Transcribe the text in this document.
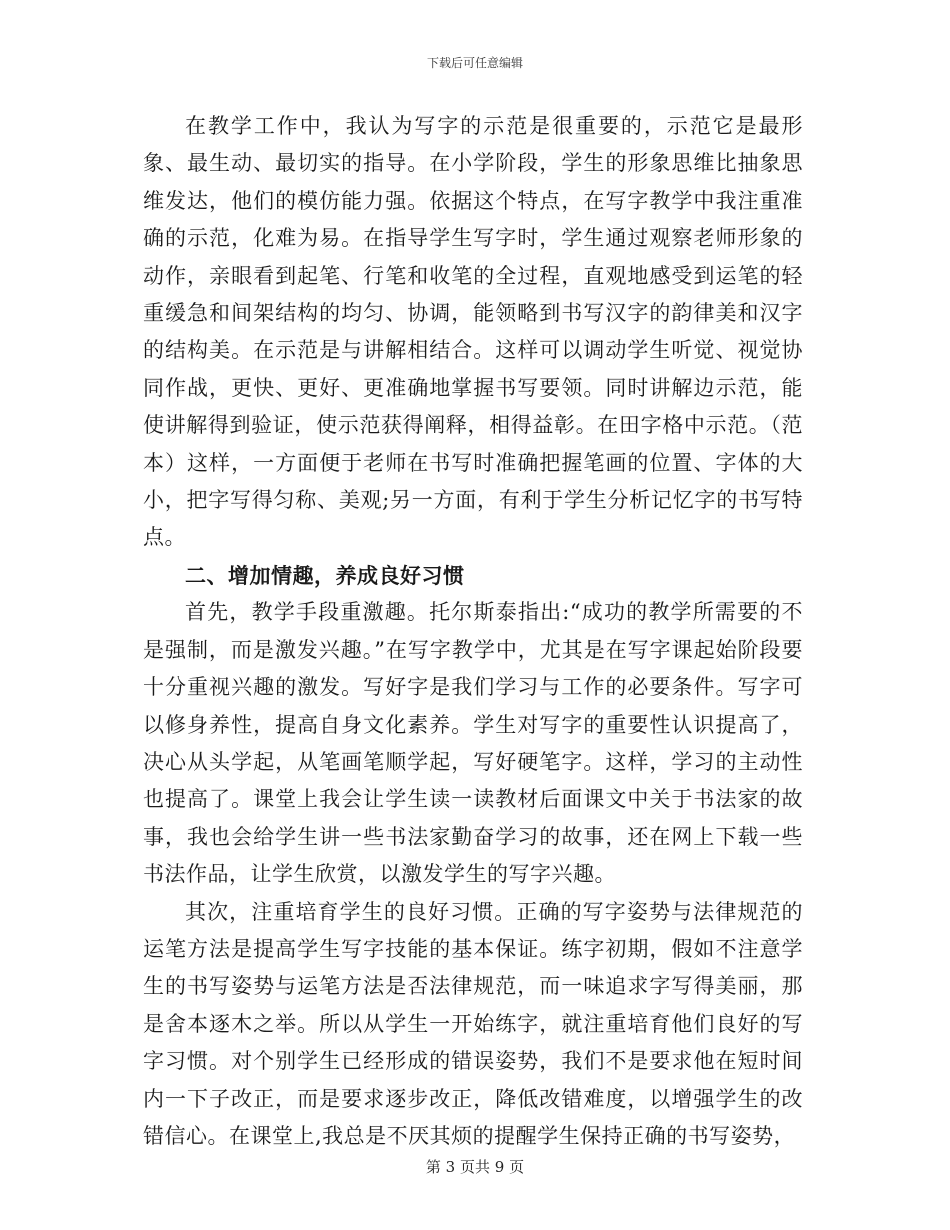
下载后可任意编辑

在教学工作中，我认为写字的示范是很重要的，示范它是最形象、最生动、最切实的指导。在小学阶段，学生的形象思维比抽象思维发达，他们的模仿能力强。依据这个特点，在写字教学中我注重准确的示范，化难为易。在指导学生写字时，学生通过观察老师形象的动作，亲眼看到起笔、行笔和收笔的全过程，直观地感受到运笔的轻重缓急和间架结构的均匀、协调，能领略到书写汉字的韵律美和汉字的结构美。在示范是与讲解相结合。这样可以调动学生听觉、视觉协同作战，更快、更好、更准确地掌握书写要领。同时讲解边示范，能使讲解得到验证，使示范获得阐释，相得益彰。在田字格中示范。（范本）这样，一方面便于老师在书写时准确把握笔画的位置、字体的大小，把字写得匀称、美观;另一方面，有利于学生分析记忆字的书写特点。

二、增加情趣，养成良好习惯

首先，教学手段重激趣。托尔斯泰指出:“成功的教学所需要的不是强制，而是激发兴趣。”在写字教学中，尤其是在写字课起始阶段要十分重视兴趣的激发。写好字是我们学习与工作的必要条件。写字可以修身养性，提高自身文化素养。学生对写字的重要性认识提高了，决心从头学起，从笔画笔顺学起，写好硬笔字。这样，学习的主动性也提高了。课堂上我会让学生读一读教材后面课文中关于书法家的故事，我也会给学生讲一些书法家勤奋学习的故事，还在网上下载一些书法作品，让学生欣赏，以激发学生的写字兴趣。

其次，注重培育学生的良好习惯。正确的写字姿势与法律规范的运笔方法是提高学生写字技能的基本保证。练字初期，假如不注意学生的书写姿势与运笔方法是否法律规范，而一味追求字写得美丽，那是舍本逐木之举。所以从学生一开始练字，就注重培育他们良好的写字习惯。对个别学生已经形成的错误姿势，我们不是要求他在短时间内一下子改正，而是要求逐步改正，降低改错难度，以增强学生的改错信心。在课堂上,我总是不厌其烦的提醒学生保持正确的书写姿势，

第 3 页共 9 页
